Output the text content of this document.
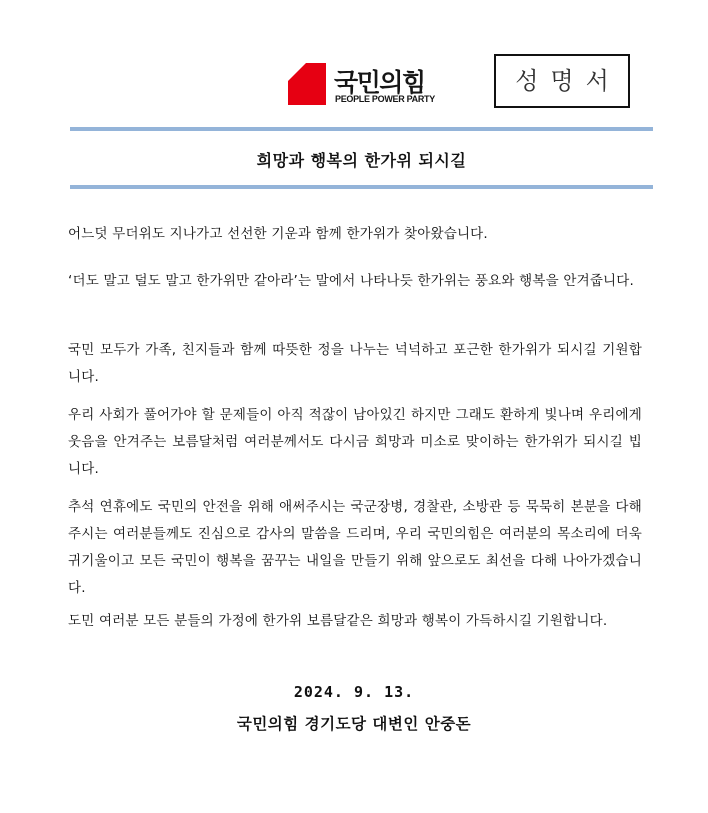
국민의힘
PEOPLE POWER PARTY
성명서
희망과 행복의 한가위 되시길

어느덧 무더위도 지나가고 선선한 기운과 함께 한가위가 찾아왔습니다.

‘더도 말고 덜도 말고 한가위만 같아라’는 말에서 나타나듯 한가위는 풍요와 행복을 안겨줍니다.

국민 모두가 가족, 친지들과 함께 따뜻한 정을 나누는 넉넉하고 포근한 한가위가 되시길 기원합니다.

우리 사회가 풀어가야 할 문제들이 아직 적잖이 남아있긴 하지만 그래도 환하게 빛나며 우리에게 웃음을 안겨주는 보름달처럼 여러분께서도 다시금 희망과 미소로 맞이하는 한가위가 되시길 빕니다.

추석 연휴에도 국민의 안전을 위해 애써주시는 국군장병, 경찰관, 소방관 등 묵묵히 본분을 다해주시는 여러분들께도 진심으로 감사의 말씀을 드리며, 우리 국민의힘은 여러분의 목소리에 더욱 귀기울이고 모든 국민이 행복을 꿈꾸는 내일을 만들기 위해 앞으로도 최선을 다해 나아가겠습니다.

도민 여러분 모든 분들의 가정에 한가위 보름달같은 희망과 행복이 가득하시길 기원합니다.

2024. 9. 13.
국민의힘 경기도당 대변인 안중돈
